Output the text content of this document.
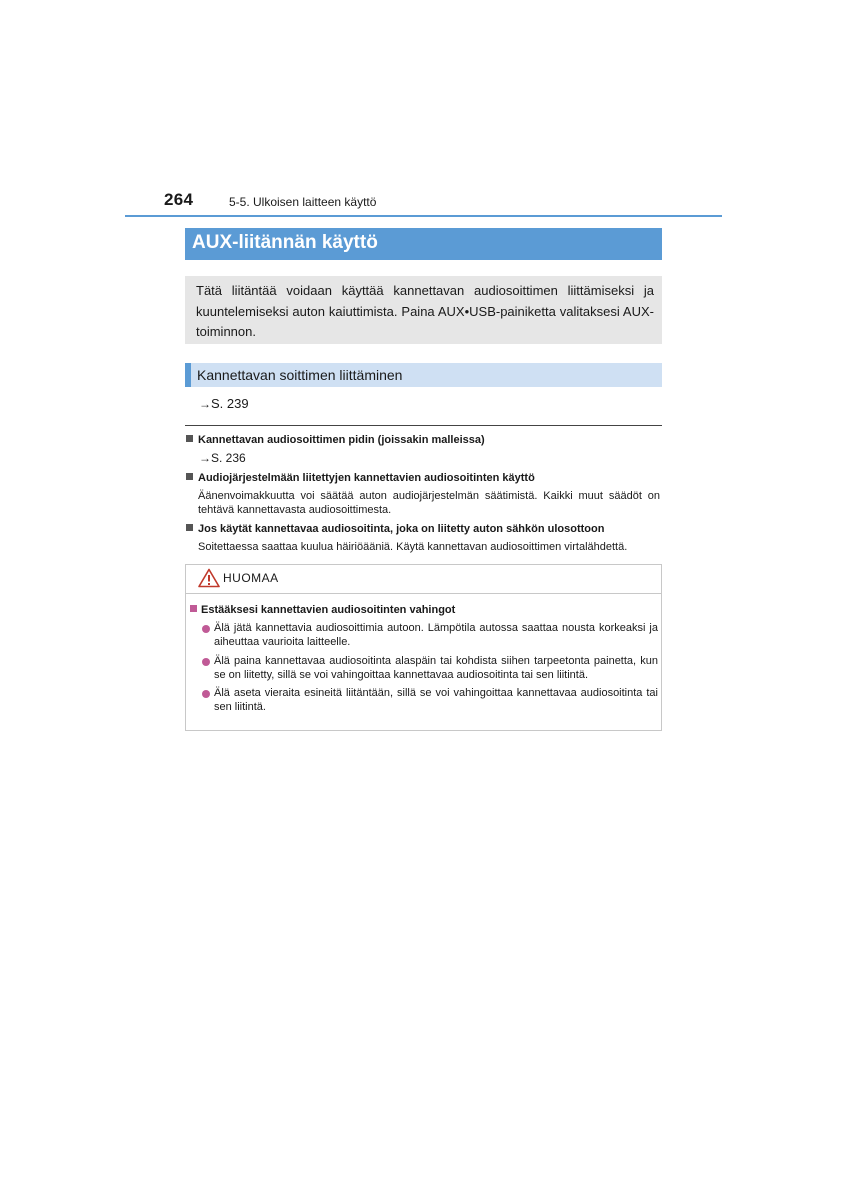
264	5-5. Ulkoisen laitteen käyttö
AUX-liitännän käyttö

Tätä liitäntää voidaan käyttää kannettavan audiosoittimen liittämiseksi ja kuuntelemiseksi auton kaiuttimista. Paina AUX•USB-painiketta valitaksesi AUX-toiminnon.

Kannettavan soittimen liittäminen
→S. 239
Kannettavan audiosoittimen pidin (joissakin malleissa)
→S. 236
Audiojärjestelmään liitettyjen kannettavien audiosoitinten käyttö
Äänenvoimakkuutta voi säätää auton audiojärjestelmän säätimistä. Kaikki muut säädöt on tehtävä kannettavasta audiosoittimesta.
Jos käytät kannettavaa audiosoitinta, joka on liitetty auton sähkön ulosottoon
Soitettaessa saattaa kuulua häiriöääniä. Käytä kannettavan audiosoittimen virtalähdettä.
HUOMAA
Estääksesi kannettavien audiosoitinten vahingot
Älä jätä kannettavia audiosoittimia autoon. Lämpötila autossa saattaa nousta korkeaksi ja aiheuttaa vaurioita laitteelle.
Älä paina kannettavaa audiosoitinta alaspäin tai kohdista siihen tarpeetonta painetta, kun se on liitetty, sillä se voi vahingoittaa kannettavaa audiosoitinta tai sen liitintä.
Älä aseta vieraita esineitä liitäntään, sillä se voi vahingoittaa kannettavaa audiosoitinta tai sen liitintä.
